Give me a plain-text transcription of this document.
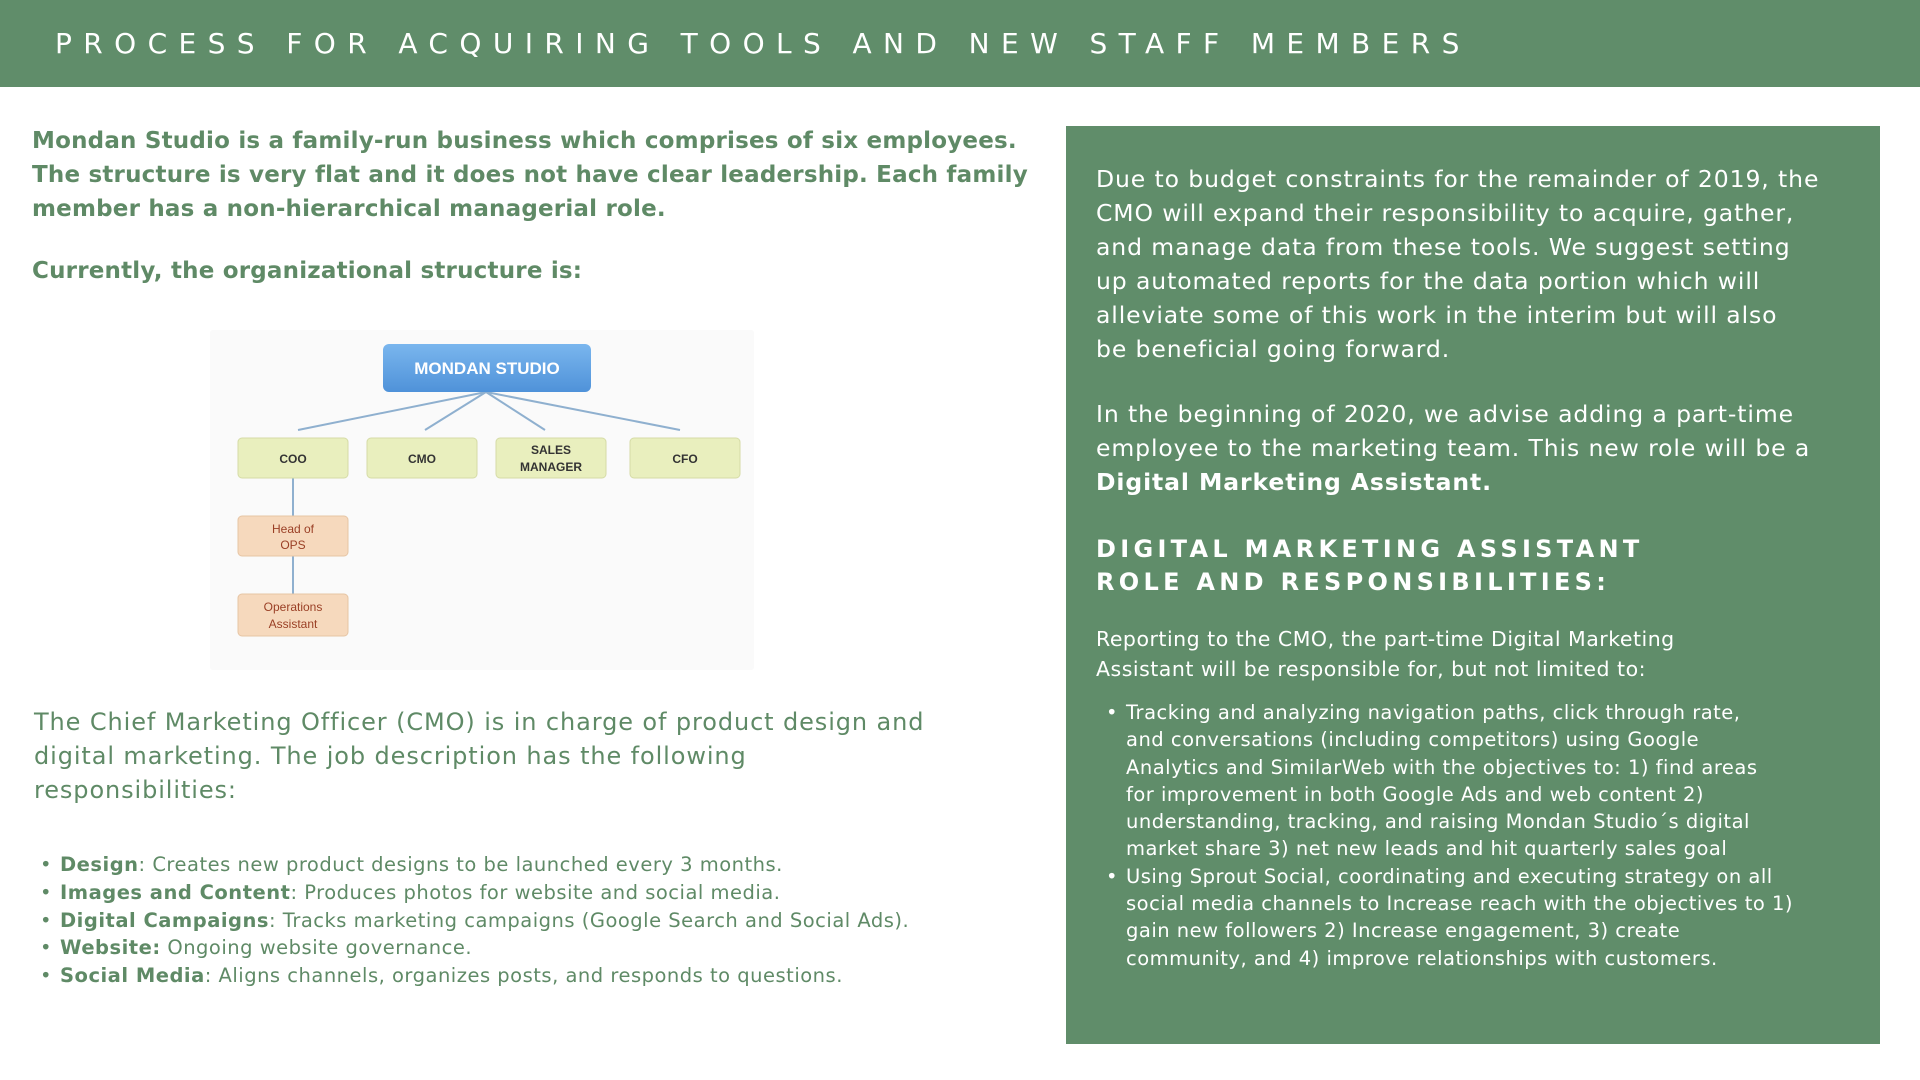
PROCESS FOR ACQUIRING TOOLS AND NEW STAFF MEMBERS
Mondan Studio is a family-run business which comprises of six employees.
The structure is very flat and it does not have clear leadership. Each family
member has a non-hierarchical managerial role.
Currently, the organizational structure is:
MONDAN STUDIO
COO	CMO
SALES
MANAGER
CFO
Head of
OPS
Operations
Assistant
The Chief Marketing Officer (CMO) is in charge of product design and
digital marketing. The job description has the following
responsibilities:
• Design: Creates new product designs to be launched every 3 months.
• Images and Content: Produces photos for website and social media.
• Digital Campaigns: Tracks marketing campaigns (Google Search and Social Ads).
• Website: Ongoing website governance.
• Social Media: Aligns channels, organizes posts, and responds to questions.
Due to budget constraints for the remainder of 2019, the
CMO will expand their responsibility to acquire, gather,
and manage data from these tools. We suggest setting
up automated reports for the data portion which will
alleviate some of this work in the interim but will also
be beneficial going forward.
In the beginning of 2020, we advise adding a part-time
employee to the marketing team. This new role will be a
Digital Marketing Assistant.
DIGITAL MARKETING ASSISTANT
ROLE AND RESPONSIBILITIES:
Reporting to the CMO, the part-time Digital Marketing
Assistant will be responsible for, but not limited to:
• Tracking and analyzing navigation paths, click through rate,
and conversations (including competitors) using Google
Analytics and SimilarWeb with the objectives to: 1) find areas
for improvement in both Google Ads and web content 2)
understanding, tracking, and raising Mondan Studio´s digital
market share 3) net new leads and hit quarterly sales goal
• Using Sprout Social, coordinating and executing strategy on all
social media channels to Increase reach with the objectives to 1)
gain new followers 2) Increase engagement, 3) create
community, and 4) improve relationships with customers.
